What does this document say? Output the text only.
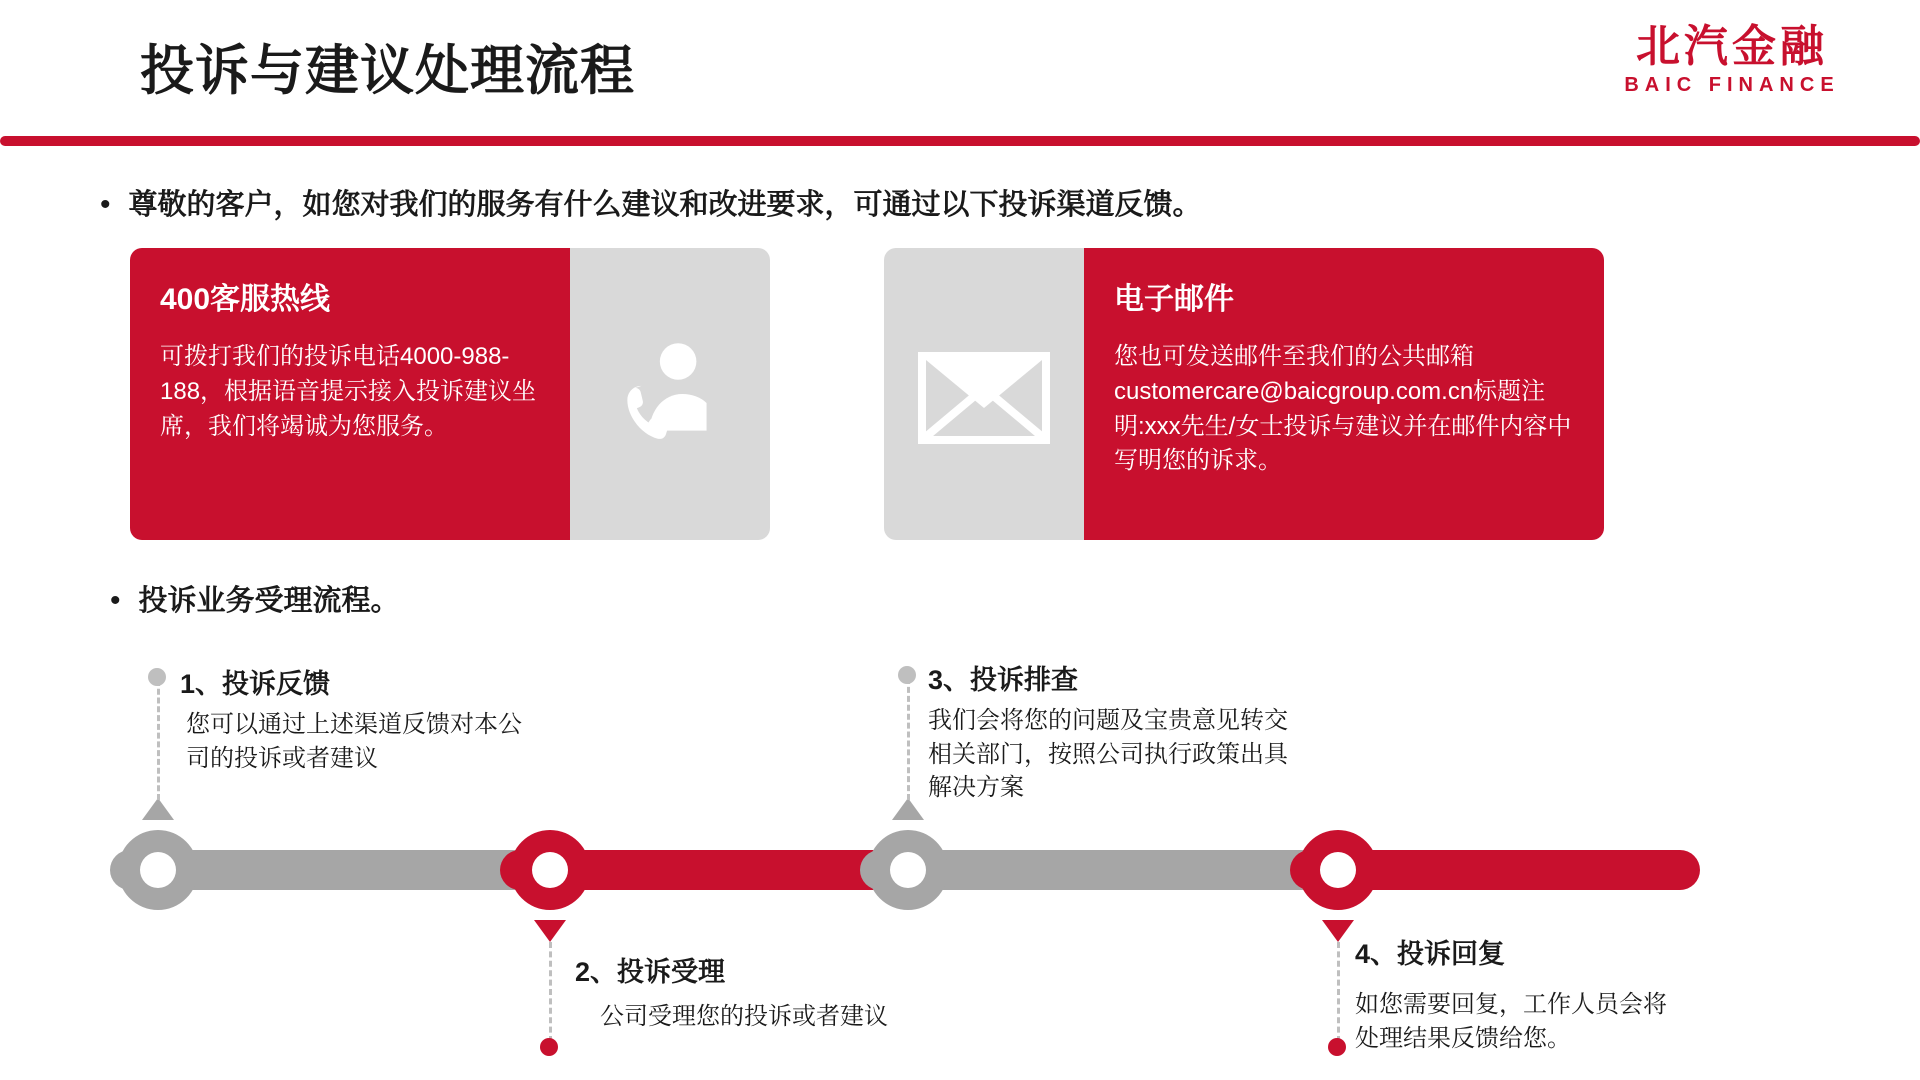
投诉与建议处理流程	北汽金融
BAIC FINANCE
• 尊敬的客户，如您对我们的服务有什么建议和改进要求，可通过以下投诉渠道反馈。
400客服热线
可拨打我们的投诉电话4000-988-188，根据语音提示接入投诉建议坐席，我们将竭诚为您服务。
电子邮件
您也可发送邮件至我们的公共邮箱customercare@baicgroup.com.cn标题注明:xxx先生/女士投诉与建议并在邮件内容中写明您的诉求。
• 投诉业务受理流程。
1、投诉反馈
您可以通过上述渠道反馈对本公司的投诉或者建议
2、投诉受理
公司受理您的投诉或者建议
3、投诉排查
我们会将您的问题及宝贵意见转交相关部门，按照公司执行政策出具解决方案
4、投诉回复
如您需要回复，工作人员会将处理结果反馈给您。
